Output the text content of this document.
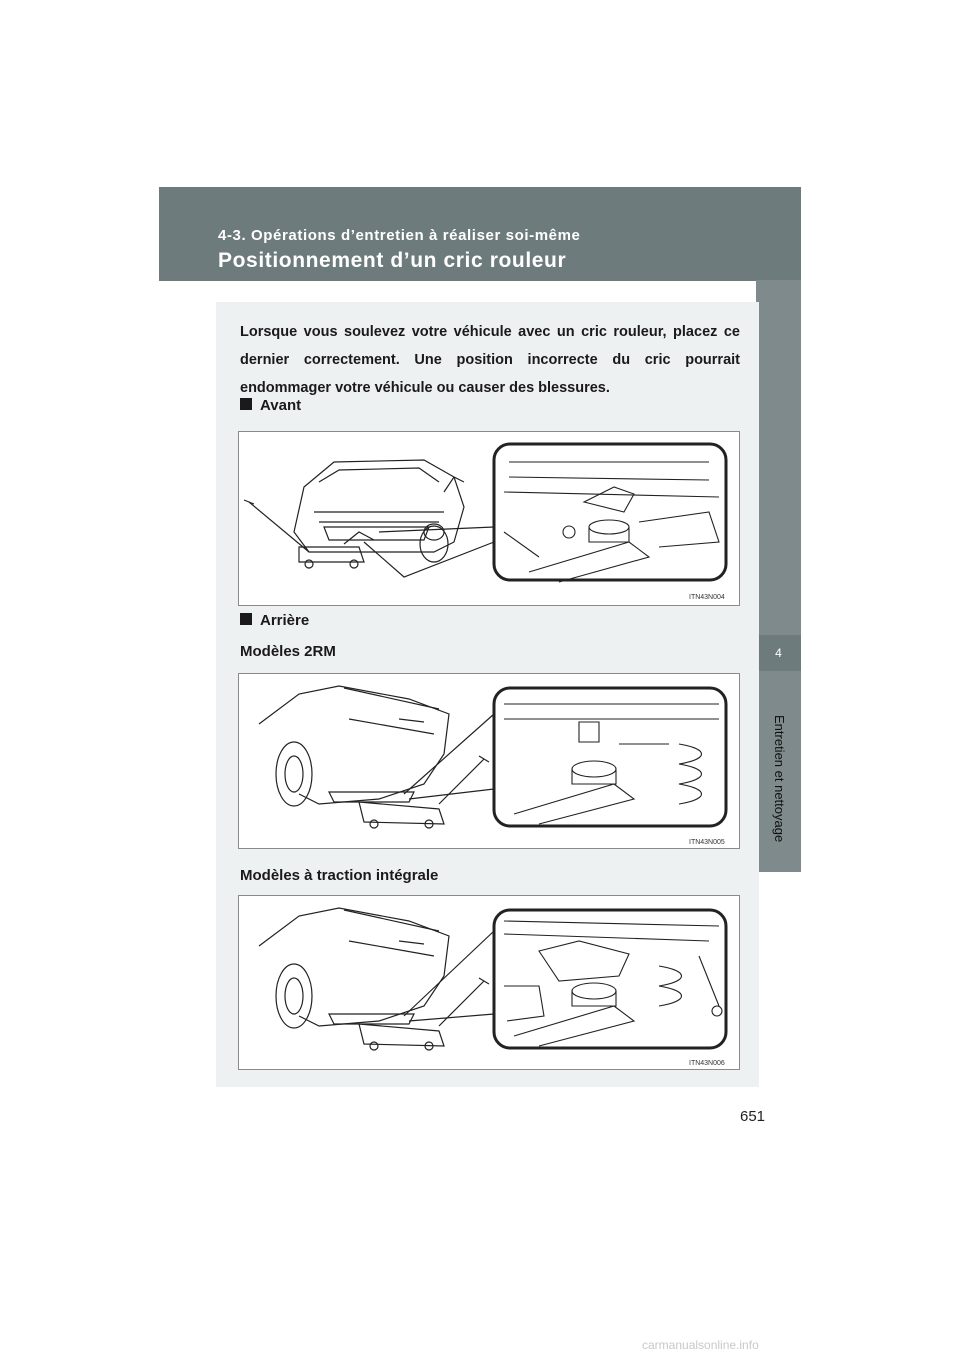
4-3. Opérations d’entretien à réaliser soi-même
Positionnement d’un cric rouleur
4
Entretien et nettoyage

Lorsque vous soulevez votre véhicule avec un cric rouleur, placez ce dernier correctement. Une position incorrecte du cric pourrait endommager votre véhicule ou causer des blessures.

Avant
ITN43N004
Arrière
Modèles 2RM
ITN43N005
Modèles à traction intégrale
ITN43N006
651
carmanualsonline.info
